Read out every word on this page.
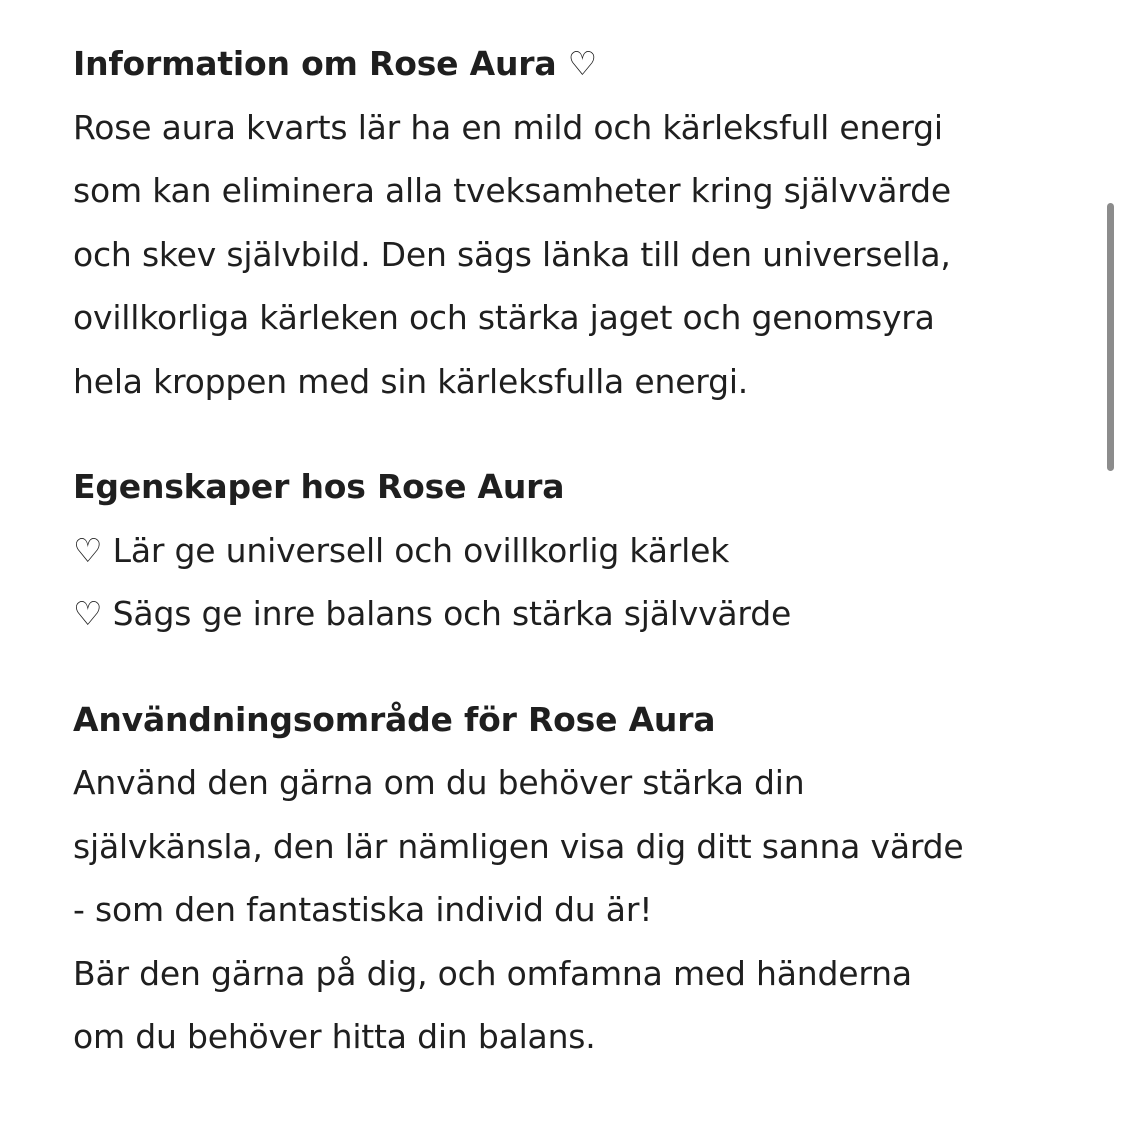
Information om Rose Aura ♡
Rose aura kvarts lär ha en mild och kärleksfull energi
som kan eliminera alla tveksamheter kring självvärde
och skev självbild. Den sägs länka till den universella,
ovillkorliga kärleken och stärka jaget och genomsyra
hela kroppen med sin kärleksfulla energi.
Egenskaper hos Rose Aura
♡ Lär ge universell och ovillkorlig kärlek
♡ Sägs ge inre balans och stärka självvärde
Användningsområde för Rose Aura
Använd den gärna om du behöver stärka din
självkänsla, den lär nämligen visa dig ditt sanna värde
- som den fantastiska individ du är!
Bär den gärna på dig, och omfamna med händerna
om du behöver hitta din balans.
